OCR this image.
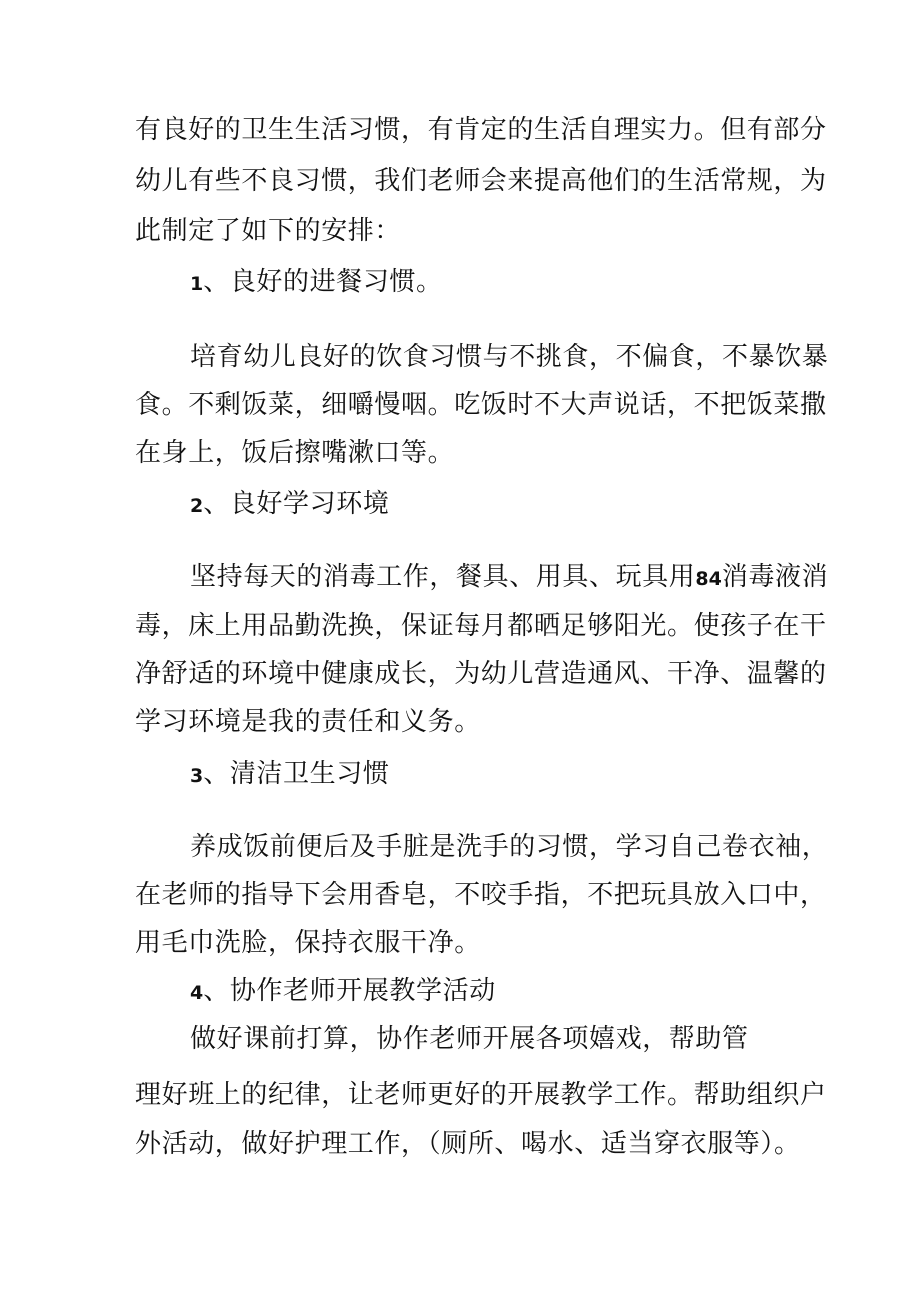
有良好的卫生生活习惯，有肯定的生活自理实力。但有部分
幼儿有些不良习惯，我们老师会来提高他们的生活常规，为
此制定了如下的安排：
1、良好的进餐习惯。
培育幼儿良好的饮食习惯与不挑食，不偏食，不暴饮暴
食。不剩饭菜，细嚼慢咽。吃饭时不大声说话，不把饭菜撒
在身上，饭后擦嘴漱口等。
2、良好学习环境
坚持每天的消毒工作，餐具、用具、玩具用84消毒液消
毒，床上用品勤洗换，保证每月都晒足够阳光。使孩子在干
净舒适的环境中健康成长，为幼儿营造通风、干净、温馨的
学习环境是我的责任和义务。
3、清洁卫生习惯
养成饭前便后及手脏是洗手的习惯，学习自己卷衣袖，
在老师的指导下会用香皂，不咬手指，不把玩具放入口中，
用毛巾洗脸，保持衣服干净。
4、协作老师开展教学活动
做好课前打算，协作老师开展各项嬉戏，帮助管
理好班上的纪律，让老师更好的开展教学工作。帮助组织户
外活动，做好护理工作，（厕所、喝水、适当穿衣服等）。
